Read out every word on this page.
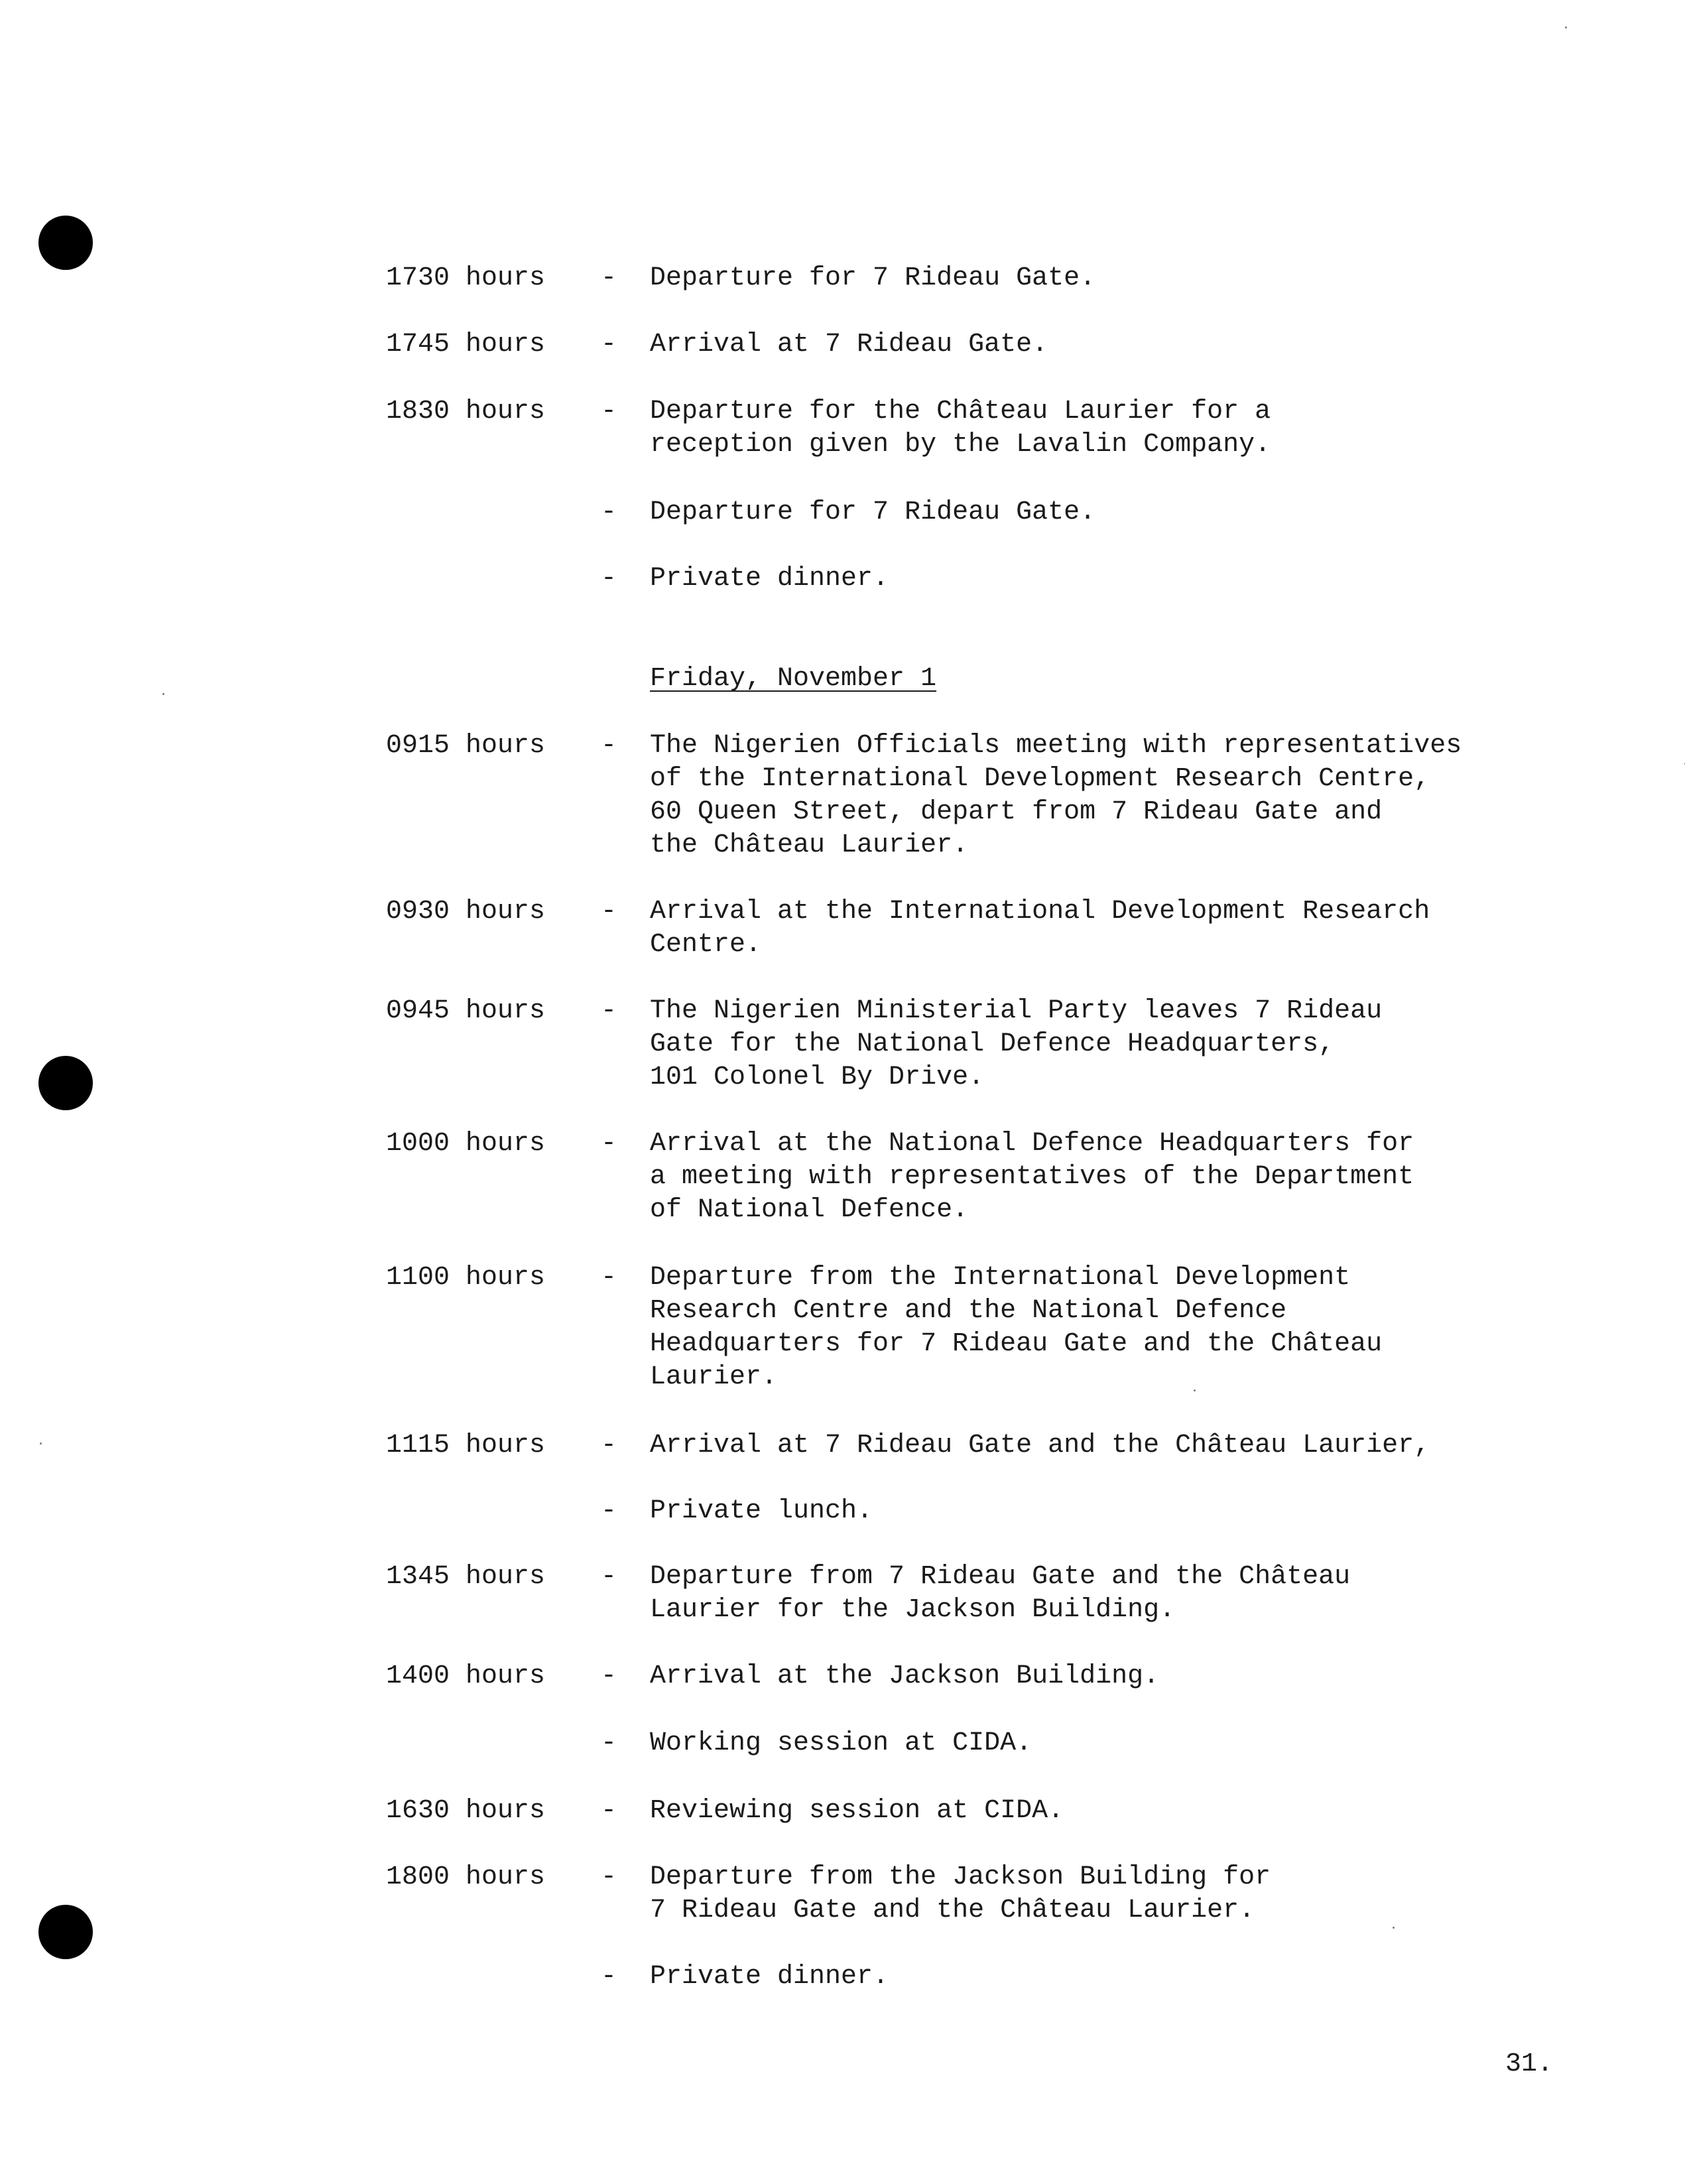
1730 hours - Departure for 7 Rideau Gate.
1745 hours - Arrival at 7 Rideau Gate.
1830 hours - Departure for the Château Laurier for a
reception given by the Lavalin Company.
- Departure for 7 Rideau Gate.
- Private dinner.
Friday, November 1
0915 hours - The Nigerien Officials meeting with representatives
of the International Development Research Centre,
60 Queen Street, depart from 7 Rideau Gate and
the Château Laurier.
0930 hours - Arrival at the International Development Research
Centre.
0945 hours - The Nigerien Ministerial Party leaves 7 Rideau
Gate for the National Defence Headquarters,
101 Colonel By Drive.
1000 hours - Arrival at the National Defence Headquarters for
a meeting with representatives of the Department
of National Defence.
1100 hours - Departure from the International Development
Research Centre and the National Defence
Headquarters for 7 Rideau Gate and the Château
Laurier.
1115 hours - Arrival at 7 Rideau Gate and the Château Laurier,
- Private lunch.
1345 hours - Departure from 7 Rideau Gate and the Château
Laurier for the Jackson Building.
1400 hours - Arrival at the Jackson Building.
- Working session at CIDA.
1630 hours - Reviewing session at CIDA.
1800 hours - Departure from the Jackson Building for
7 Rideau Gate and the Château Laurier.
- Private dinner.
31.
